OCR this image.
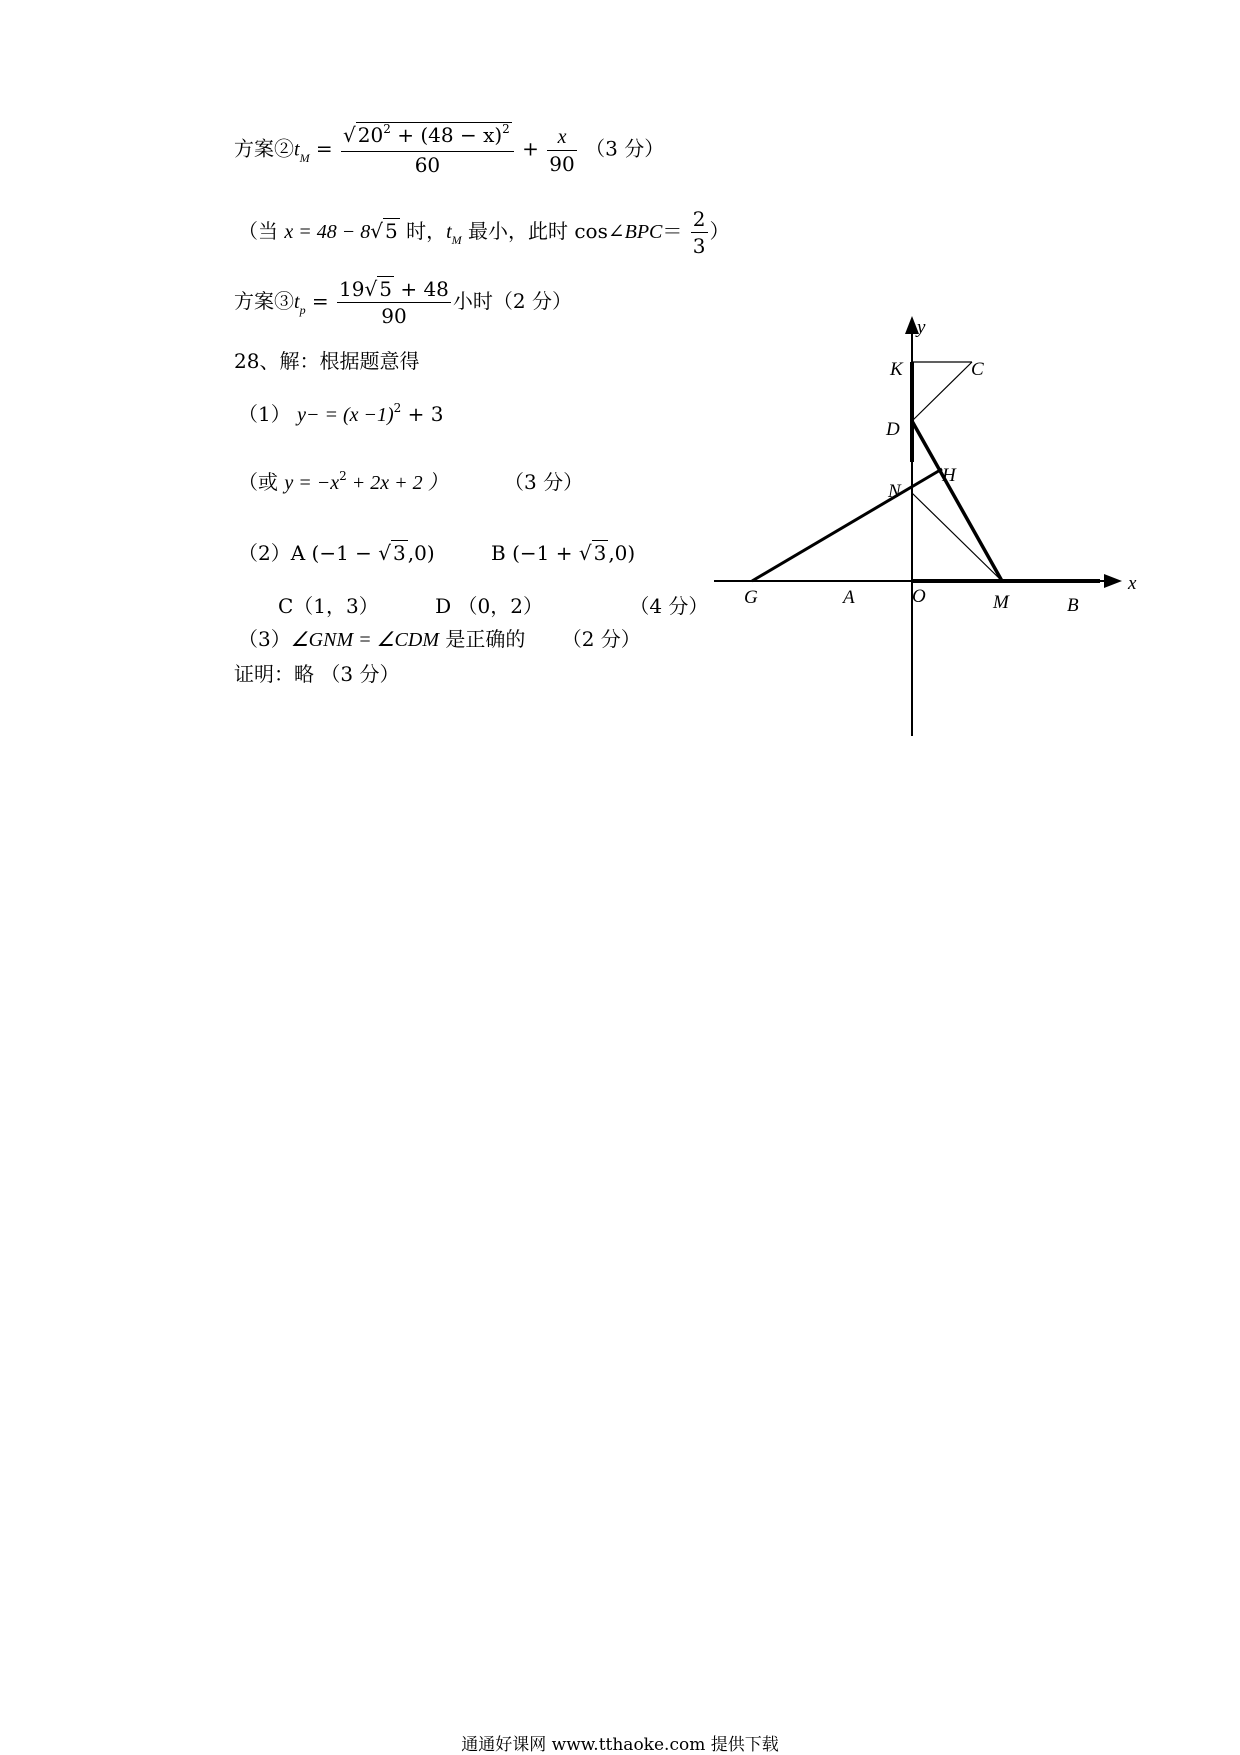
方案$②t_M = \frac{√ 20^2 + (48 - x)^2}{60} + \frac{x}{90} (3$ 分）
（当 x = 48 − 8√ 5 时，$t_M$ 最小，此时 cos∠BPC＝ $\frac{2}{3}$ ）
方案$③t_p = \frac{19√ 5 + 48}{90}$ 小时（2 分）
28、解：根据题意得
（1） $y- = (x -1)^2 + 3$
（或 $y = -x^2 + 2x + 2$ ）	（3 分）
（2）A (−1 − √ 3 ,0)	B (−1 + √ 3 ,0)
C（1，3）	D （0，2）	（4 分）
（3）∠GNM = ∠CDM 是正确的 （2 分）
证明：略 （3 分）
y
K	C
D
H
N
x
G	A	O	M	B
通通好课网 www.tthaoke.com 提供下载
